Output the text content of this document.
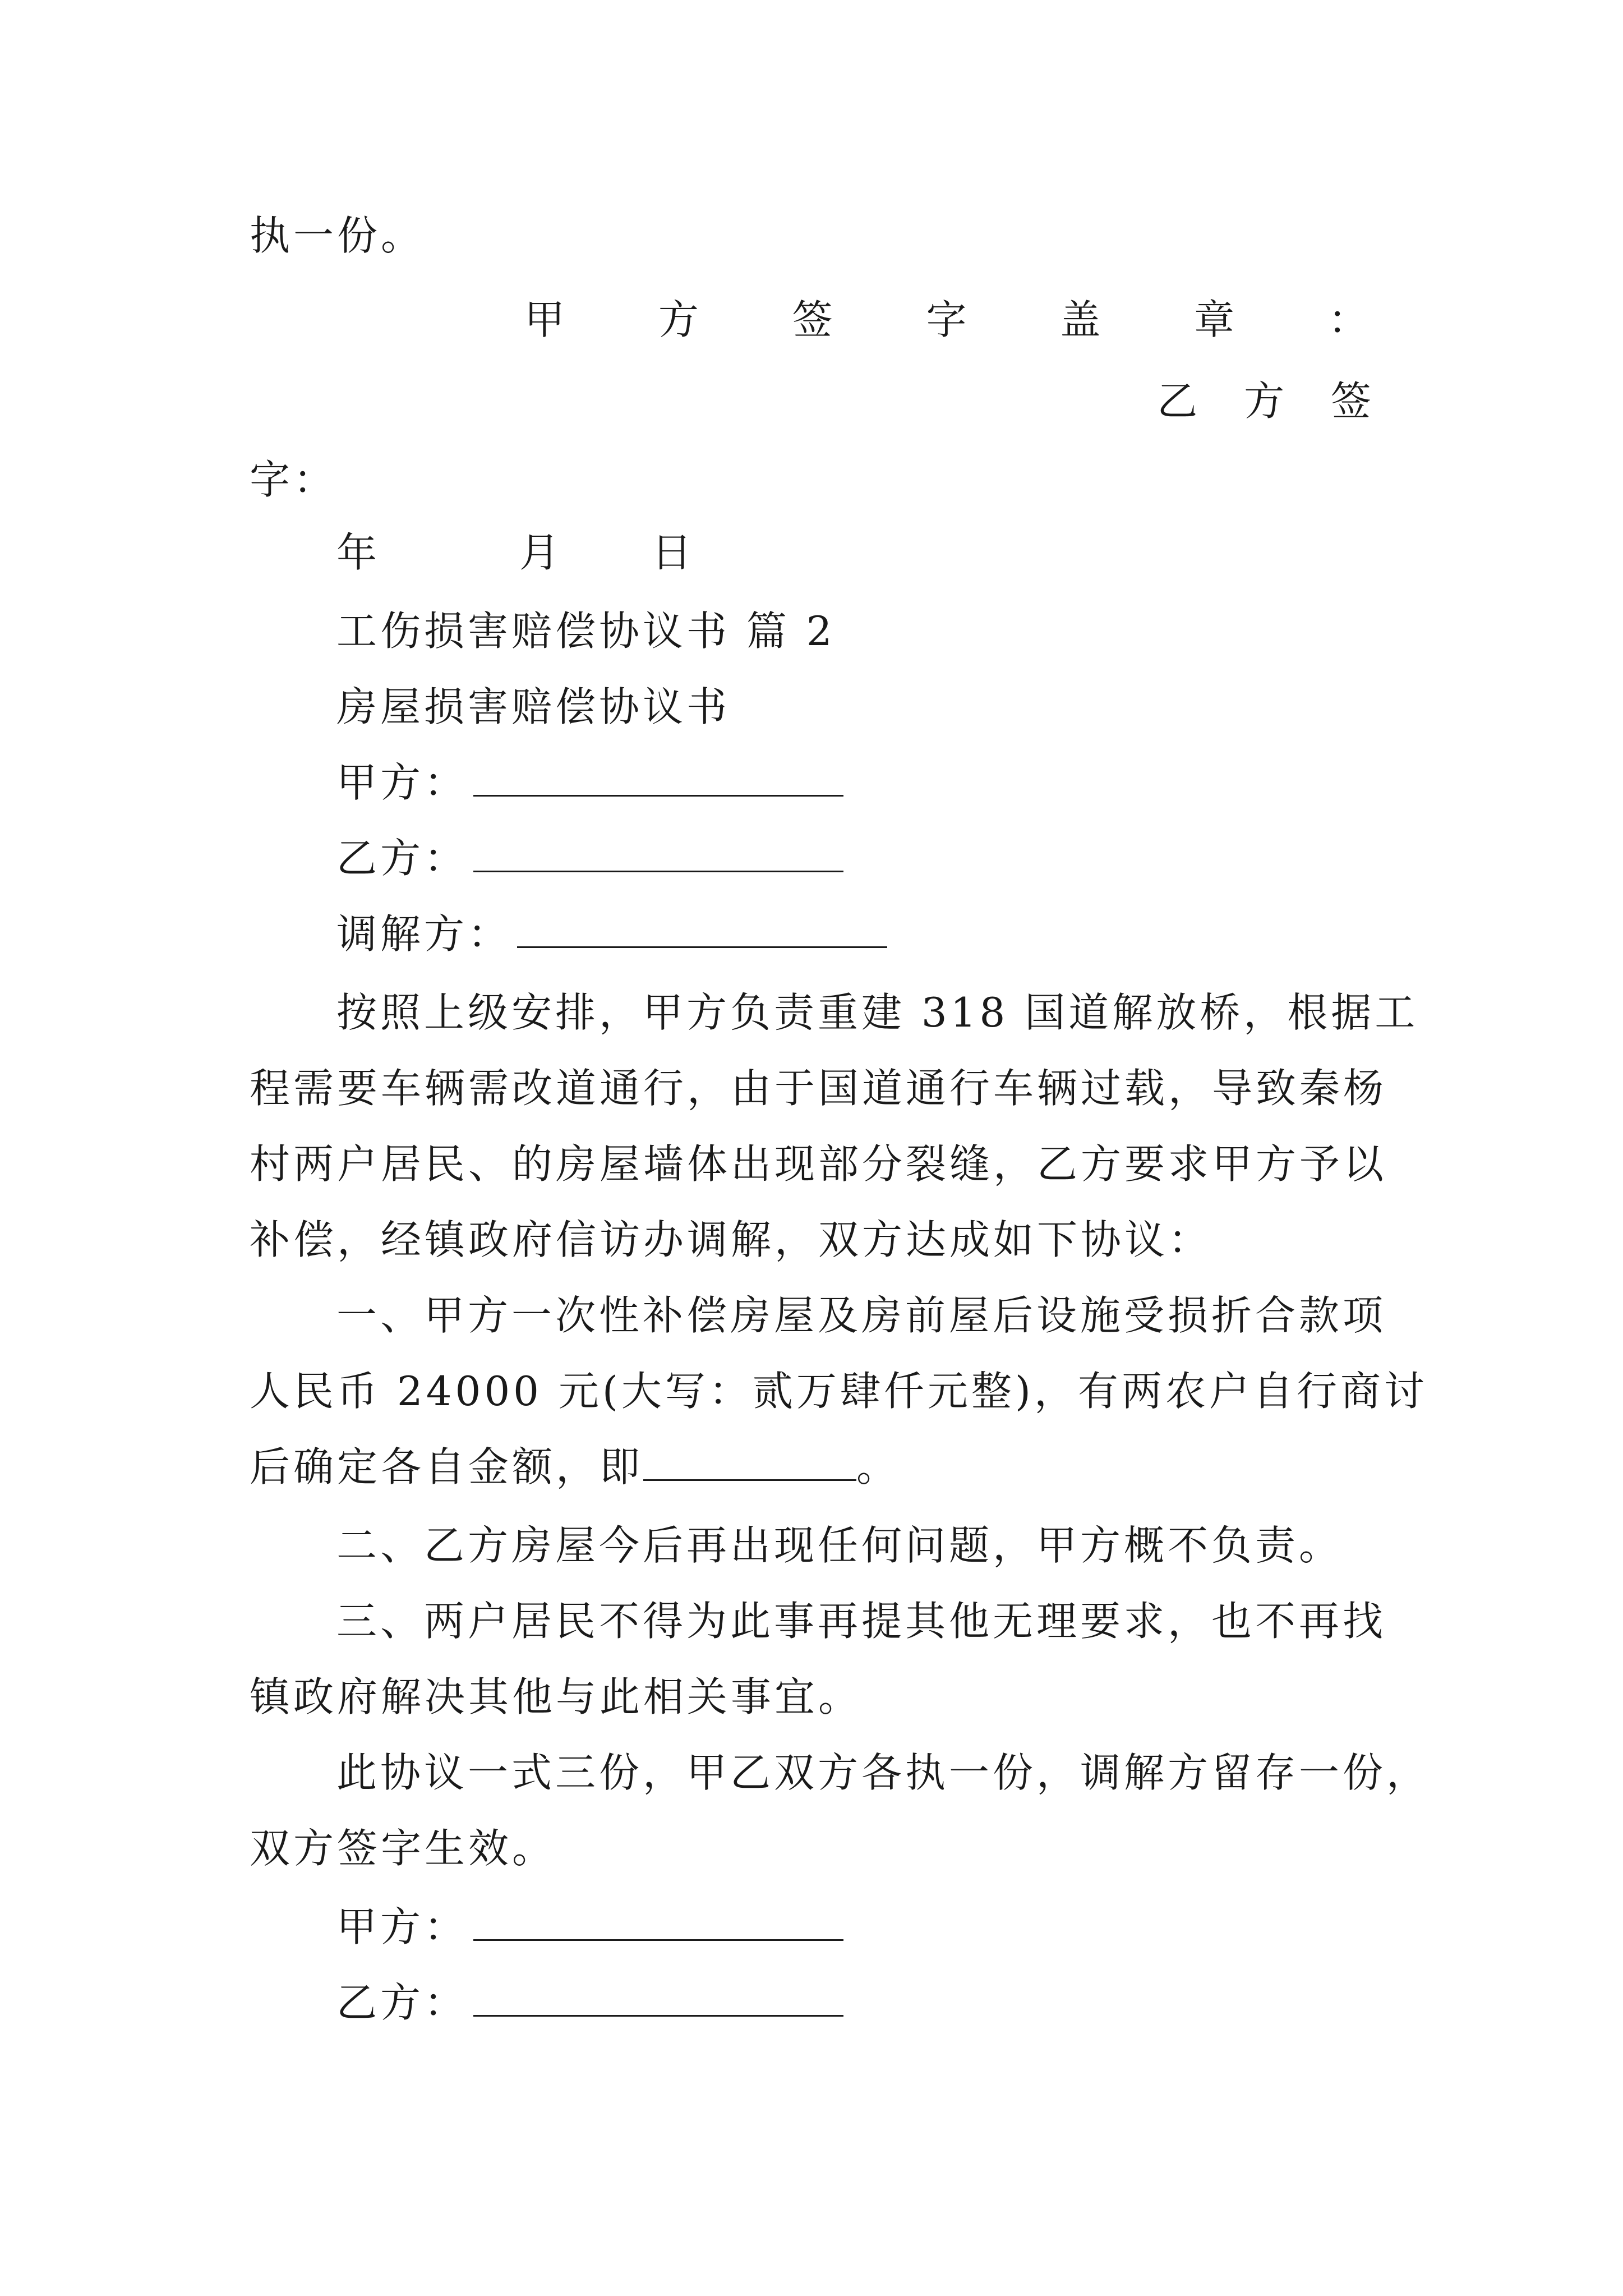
执一份。
甲 方 签 字 盖 章 ：
乙 方 签
字：
年	月 日
工伤损害赔偿协议书 篇 2
房屋损害赔偿协议书
甲方：
乙方：
调解方：
按照上级安排，甲方负责重建 318 国道解放桥，根据工
程需要车辆需改道通行，由于国道通行车辆过载，导致秦杨
村两户居民、的房屋墙体出现部分裂缝，乙方要求甲方予以
补偿，经镇政府信访办调解，双方达成如下协议：
一、甲方一次性补偿房屋及房前屋后设施受损折合款项
人民币 24000 元(大写：贰万肆仟元整)，有两农户自行商讨
后确定各自金额，即	。
二、乙方房屋今后再出现任何问题，甲方概不负责。
三、两户居民不得为此事再提其他无理要求，也不再找
镇政府解决其他与此相关事宜。
此协议一式三份，甲乙双方各执一份，调解方留存一份，
双方签字生效。
甲方：
乙方：
